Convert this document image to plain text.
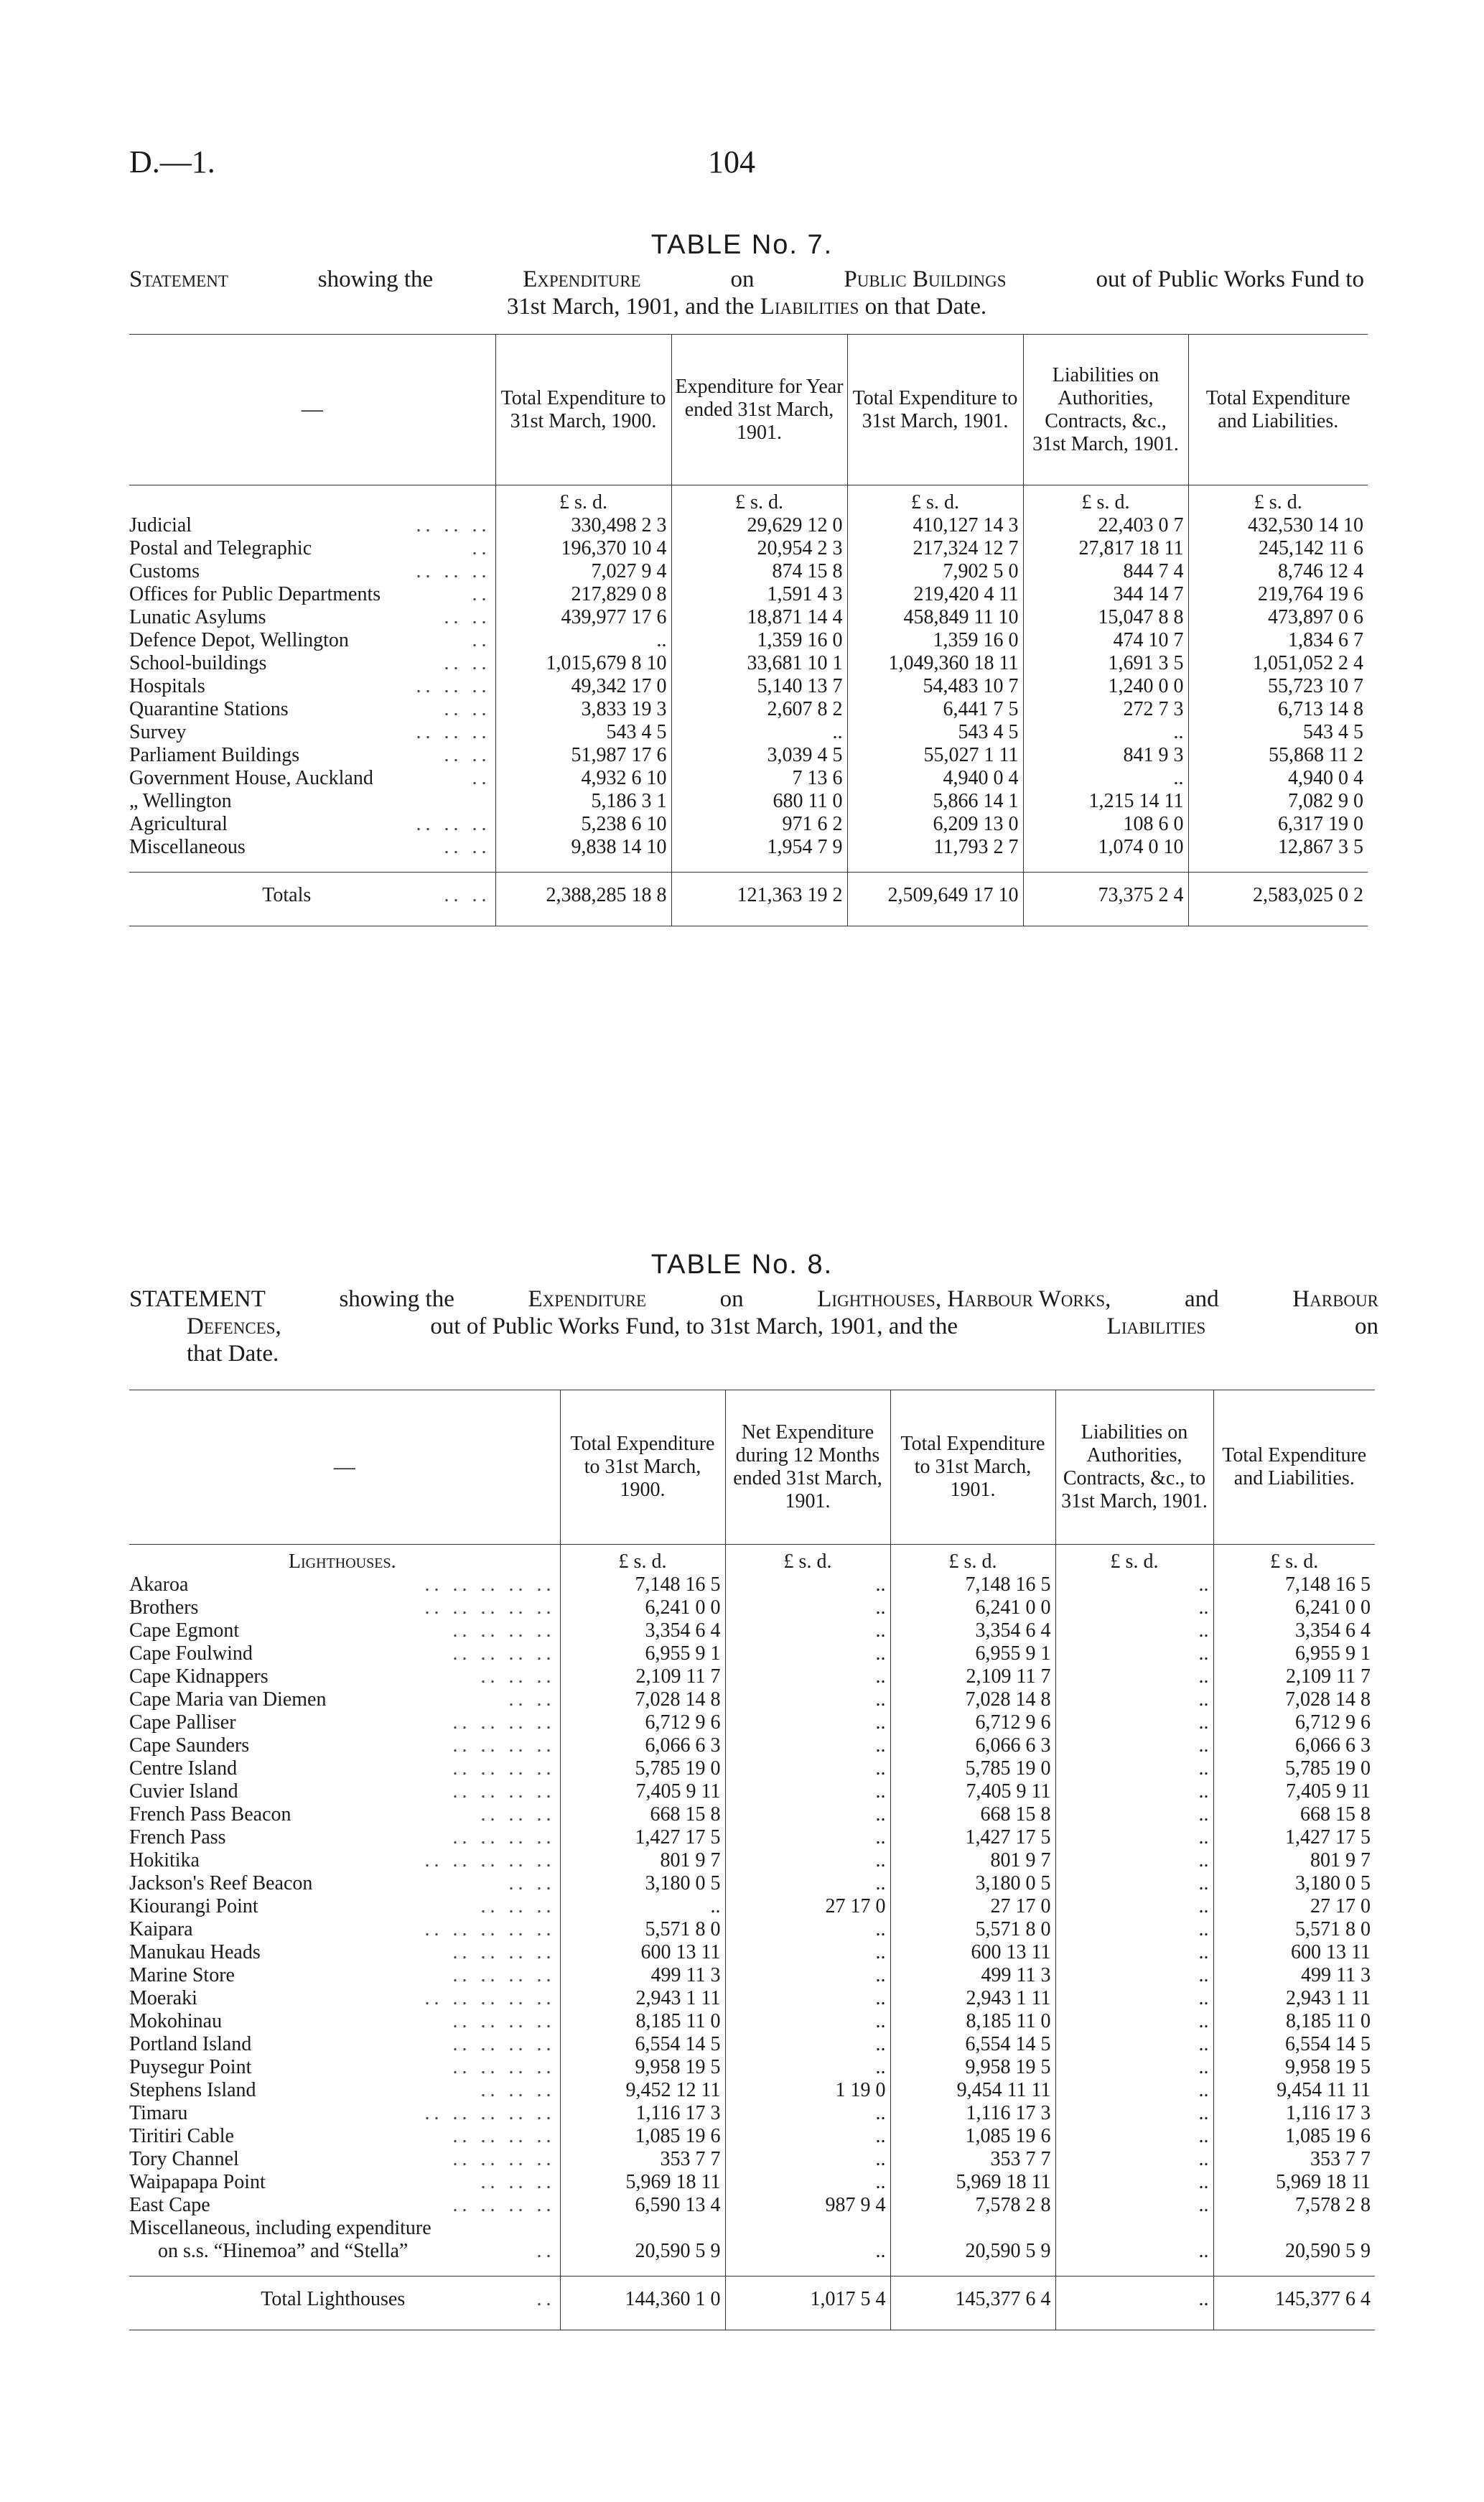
D.—1.	104
TABLE No. 7.
Statement	showing the	Expenditure	on	Public Buildings	out of Public Works Fund to
31st March, 1901, and the Liabilities on that Date.
—	Total Expenditure to 31st March, 1900.	Expenditure for Year ended 31st March, 1901.	Total Expenditure to 31st March, 1901.	Liabilities on Authorities, Contracts, &c., 31st March, 1901.	Total Expenditure and Liabilities.
	£ s. d.	£ s. d.	£ s. d.	£ s. d.	£ s. d.
Judicial .. .. ..	330,498 2 3	29,629 12 0	410,127 14 3	22,403 0 7	432,530 14 10
Postal and Telegraphic ..	196,370 10 4	20,954 2 3	217,324 12 7	27,817 18 11	245,142 11 6
Customs .. .. ..	7,027 9 4	874 15 8	7,902 5 0	844 7 4	8,746 12 4
Offices for Public Departments ..	217,829 0 8	1,591 4 3	219,420 4 11	344 14 7	219,764 19 6
Lunatic Asylums .. ..	439,977 17 6	18,871 14 4	458,849 11 10	15,047 8 8	473,897 0 6
Defence Depot, Wellington ..	..	1,359 16 0	1,359 16 0	474 10 7	1,834 6 7
School-buildings .. ..	1,015,679 8 10	33,681 10 1	1,049,360 18 11	1,691 3 5	1,051,052 2 4
Hospitals .. .. ..	49,342 17 0	5,140 13 7	54,483 10 7	1,240 0 0	55,723 10 7
Quarantine Stations .. ..	3,833 19 3	2,607 8 2	6,441 7 5	272 7 3	6,713 14 8
Survey .. .. ..	543 4 5	..	543 4 5	..	543 4 5
Parliament Buildings .. ..	51,987 17 6	3,039 4 5	55,027 1 11	841 9 3	55,868 11 2
Government House, Auckland ..	4,932 6 10	7 13 6	4,940 0 4	..	4,940 0 4
„ Wellington	5,186 3 1	680 11 0	5,866 14 1	1,215 14 11	7,082 9 0
Agricultural .. .. ..	5,238 6 10	971 6 2	6,209 13 0	108 6 0	6,317 19 0
Miscellaneous .. ..	9,838 14 10	1,954 7 9	11,793 2 7	1,074 0 10	12,867 3 5

Totals .. ..	2,388,285 18 8	121,363 19 2	2,509,649 17 10	73,375 2 4	2,583,025 0 2

TABLE No. 8.
STATEMENT	showing the	Expenditure	on	Lighthouses, Harbour Works,	and	Harbour
Defences,	out of Public Works Fund, to 31st March, 1901, and the	Liabilities	on
that Date.
—	Total Expenditure to 31st March, 1900.	Net Expenditure during 12 Months ended 31st March, 1901.	Total Expenditure to 31st March, 1901.	Liabilities on Authorities, Contracts, &c., to 31st March, 1901.	Total Expenditure and Liabilities.
Lighthouses.	£ s. d.	£ s. d.	£ s. d.	£ s. d.	£ s. d.
Akaroa .. .. .. .. ..	7,148 16 5	..	7,148 16 5	..	7,148 16 5
Brothers .. .. .. .. ..	6,241 0 0	..	6,241 0 0	..	6,241 0 0
Cape Egmont .. .. .. ..	3,354 6 4	..	3,354 6 4	..	3,354 6 4
Cape Foulwind .. .. .. ..	6,955 9 1	..	6,955 9 1	..	6,955 9 1
Cape Kidnappers .. .. ..	2,109 11 7	..	2,109 11 7	..	2,109 11 7
Cape Maria van Diemen .. ..	7,028 14 8	..	7,028 14 8	..	7,028 14 8
Cape Palliser .. .. .. ..	6,712 9 6	..	6,712 9 6	..	6,712 9 6
Cape Saunders .. .. .. ..	6,066 6 3	..	6,066 6 3	..	6,066 6 3
Centre Island .. .. .. ..	5,785 19 0	..	5,785 19 0	..	5,785 19 0
Cuvier Island .. .. .. ..	7,405 9 11	..	7,405 9 11	..	7,405 9 11
French Pass Beacon .. .. ..	668 15 8	..	668 15 8	..	668 15 8
French Pass .. .. .. ..	1,427 17 5	..	1,427 17 5	..	1,427 17 5
Hokitika .. .. .. .. ..	801 9 7	..	801 9 7	..	801 9 7
Jackson's Reef Beacon .. ..	3,180 0 5	..	3,180 0 5	..	3,180 0 5
Kiourangi Point .. .. ..	..	27 17 0	27 17 0	..	27 17 0
Kaipara .. .. .. .. ..	5,571 8 0	..	5,571 8 0	..	5,571 8 0
Manukau Heads .. .. .. ..	600 13 11	..	600 13 11	..	600 13 11
Marine Store .. .. .. ..	499 11 3	..	499 11 3	..	499 11 3
Moeraki .. .. .. .. ..	2,943 1 11	..	2,943 1 11	..	2,943 1 11
Mokohinau .. .. .. ..	8,185 11 0	..	8,185 11 0	..	8,185 11 0
Portland Island .. .. .. ..	6,554 14 5	..	6,554 14 5	..	6,554 14 5
Puysegur Point .. .. .. ..	9,958 19 5	..	9,958 19 5	..	9,958 19 5
Stephens Island .. .. ..	9,452 12 11	1 19 0	9,454 11 11	..	9,454 11 11
Timaru .. .. .. .. ..	1,116 17 3	..	1,116 17 3	..	1,116 17 3
Tiritiri Cable .. .. .. ..	1,085 19 6	..	1,085 19 6	..	1,085 19 6
Tory Channel .. .. .. ..	353 7 7	..	353 7 7	..	353 7 7
Waipapapa Point .. .. ..	5,969 18 11	..	5,969 18 11	..	5,969 18 11
East Cape .. .. .. ..	6,590 13 4	987 9 4	7,578 2 8	..	7,578 2 8
Miscellaneous, including expenditure					
on s.s. “Hinemoa” and “Stella” ..	20,590 5 9	..	20,590 5 9	..	20,590 5 9

Total Lighthouses ..	144,360 1 0	1,017 5 4	145,377 6 4	..	145,377 6 4
